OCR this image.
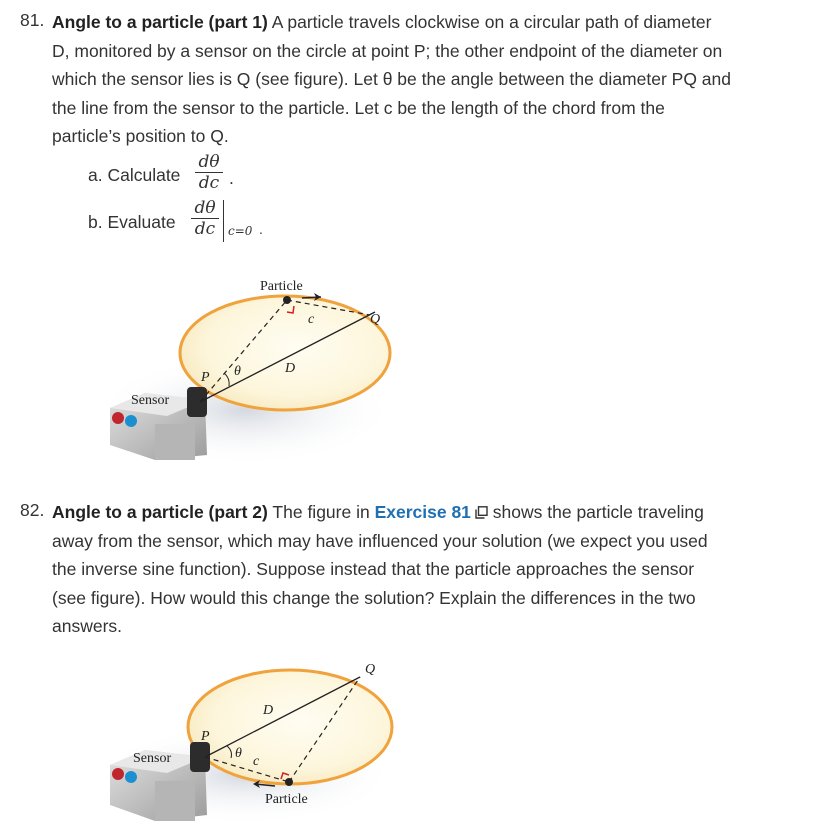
81. Angle to a particle (part 1) A particle travels clockwise on a circular path of diameter
D, monitored by a sensor on the circle at point P; the other endpoint of the diameter on
which the sensor lies is Q (see figure). Let θ be the angle between the diameter PQ and
the line from the sensor to the particle. Let c be the length of the chord from the
particle’s position to Q.
a. Calculate
dθ
dc .
b. Evaluate
dθ
dc	c=0 .
Particle
c	Q
D
P θ
Sensor
82. Angle to a particle (part 2) The figure in Exercise 81 shows the particle traveling
away from the sensor, which may have influenced your solution (we expect you used
the inverse sine function). Suppose instead that the particle approaches the sensor
(see figure). How would this change the solution? Explain the differences in the two
answers.
Q
D
P
θ
c
Sensor
Particle
